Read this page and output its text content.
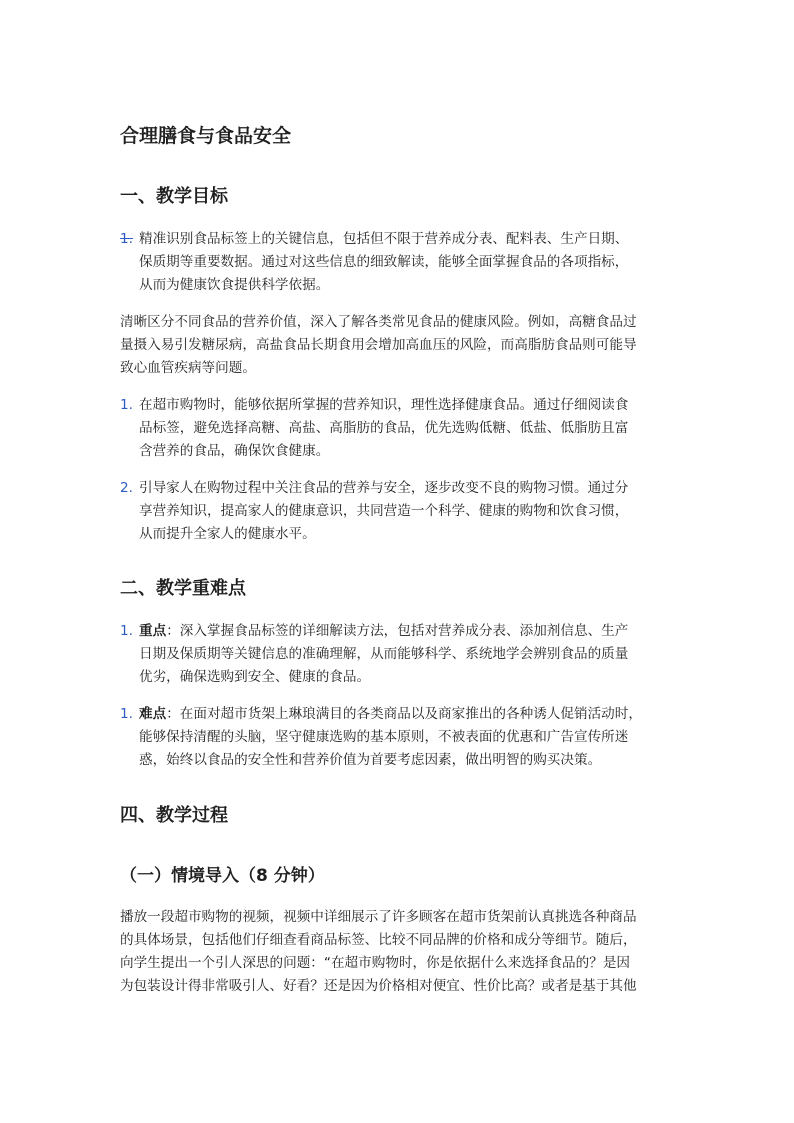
合理膳食与食品安全
一、教学目标
1. 精准识别食品标签上的关键信息，包括但不限于营养成分表、配料表、生产日期、
保质期等重要数据。通过对这些信息的细致解读，能够全面掌握食品的各项指标，
从而为健康饮食提供科学依据。
清晰区分不同食品的营养价值，深入了解各类常见食品的健康风险。例如，高糖食品过
量摄入易引发糖尿病，高盐食品长期食用会增加高血压的风险，而高脂肪食品则可能导
致心血管疾病等问题。
1. 在超市购物时，能够依据所掌握的营养知识，理性选择健康食品。通过仔细阅读食
品标签，避免选择高糖、高盐、高脂肪的食品，优先选购低糖、低盐、低脂肪且富
含营养的食品，确保饮食健康。
2. 引导家人在购物过程中关注食品的营养与安全，逐步改变不良的购物习惯。通过分
享营养知识，提高家人的健康意识，共同营造一个科学、健康的购物和饮食习惯，
从而提升全家人的健康水平。
二、教学重难点
1. 重点：深入掌握食品标签的详细解读方法，包括对营养成分表、添加剂信息、生产
日期及保质期等关键信息的准确理解，从而能够科学、系统地学会辨别食品的质量
优劣，确保选购到安全、健康的食品。
1. 难点：在面对超市货架上琳琅满目的各类商品以及商家推出的各种诱人促销活动时，
能够保持清醒的头脑，坚守健康选购的基本原则，不被表面的优惠和广告宣传所迷
惑，始终以食品的安全性和营养价值为首要考虑因素，做出明智的购买决策。
四、教学过程
（一）情境导入（8 分钟）
播放一段超市购物的视频，视频中详细展示了许多顾客在超市货架前认真挑选各种商品
的具体场景，包括他们仔细查看商品标签、比较不同品牌的价格和成分等细节。随后，
向学生提出一个引人深思的问题：“在超市购物时，你是依据什么来选择食品的？是因
为包装设计得非常吸引人、好看？还是因为价格相对便宜、性价比高？或者是基于其他
